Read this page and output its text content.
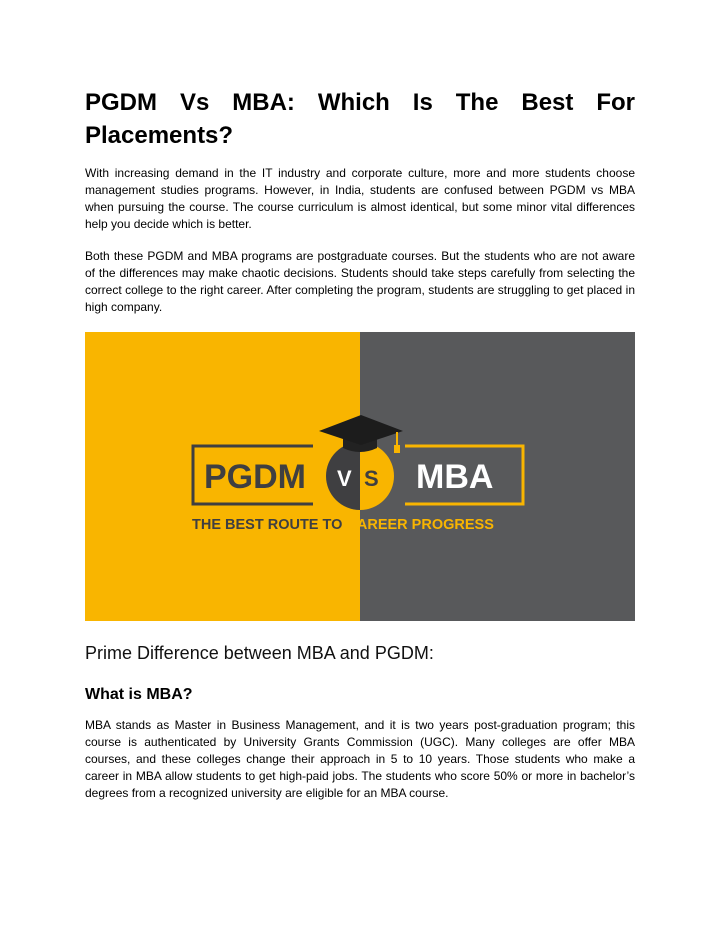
PGDM Vs MBA: Which Is The Best For Placements?

With increasing demand in the IT industry and corporate culture, more and more students choose management studies programs. However, in India, students are confused between PGDM vs MBA when pursuing the course. The course curriculum is almost identical, but some minor vital differences help you decide which is better.

Both these PGDM and MBA programs are postgraduate courses. But the students who are not aware of the differences may make chaotic decisions. Students should take steps carefully from selecting the correct college to the right career. After completing the program, students are struggling to get placed in high company.

PGDM V S MBA
THE BEST ROUTE TO CAREER PROGRESS
Prime Difference between MBA and PGDM:
What is MBA?

MBA stands as Master in Business Management, and it is two years post-graduation program; this course is authenticated by University Grants Commission (UGC). Many colleges are offer MBA courses, and these colleges change their approach in 5 to 10 years. Those students who make a career in MBA allow students to get high-paid jobs. The students who score 50% or more in bachelor’s degrees from a recognized university are eligible for an MBA course.
